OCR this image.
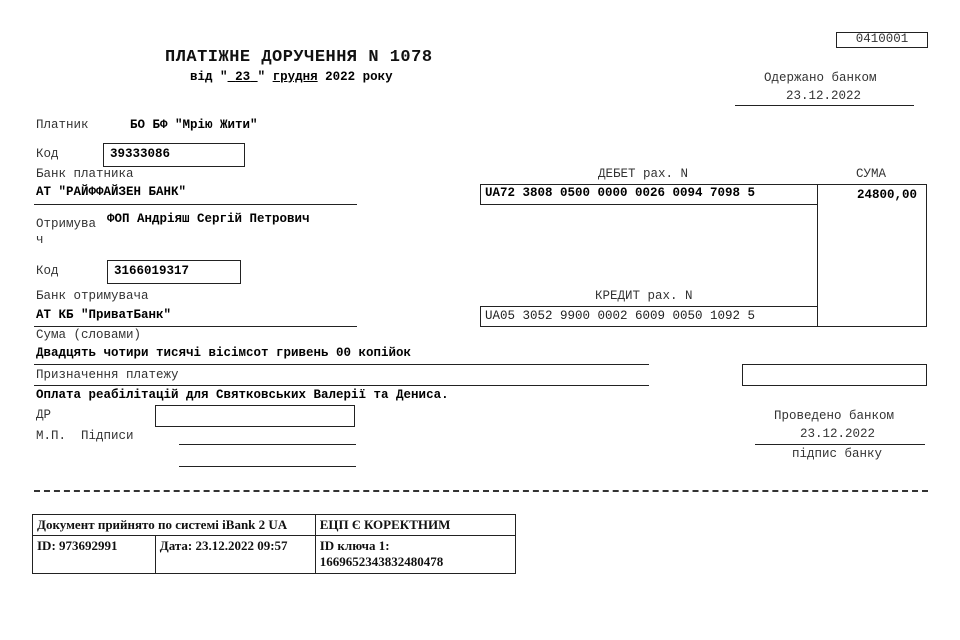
0410001
ПЛАТІЖНЕ ДОРУЧЕННЯ N 1078
від " 23 " грудня 2022 року	Одержано банком
23.12.2022
Платник	БО БФ "Мрію Жити"
Код	39333086
Банк платника
АТ "РАЙФФАЙЗЕН БАНК"
ДЕБЕТ рах. N
UA72 3808 0500 0000 0026 0094 7098 5
СУМА
24800,00
Отримува
ч
ФОП Андріяш Сергій Петрович
Код	3166019317
Банк отримувача
АТ КБ "ПриватБанк"
КРЕДИТ рах. N
UA05 3052 9900 0002 6009 0050 1092 5
Сума (словами)
Двадцять чотири тисячі вісімсот гривень 00 копійок
Призначення платежу
Оплата реабілітацій для Святковських Валерії та Дениса.
ДР
М.П.  Підписи
Проведено банком
23.12.2022
підпис банку
Документ прийнято по системі iBank 2 UA		ЕЦП Є КОРЕКТНИМ
ID: 973692991	Дата: 23.12.2022 09:57	ID ключа 1:
1669652343832480478
